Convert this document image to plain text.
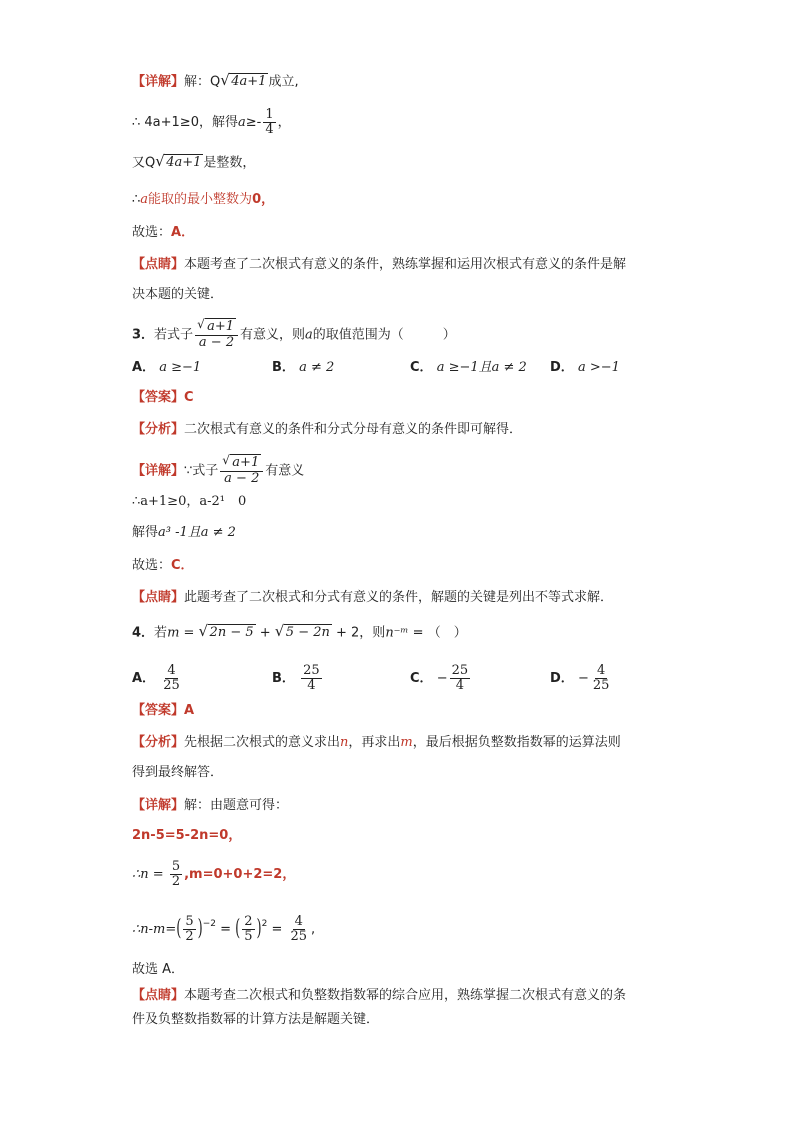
【详解】解：Q √ 4a+1 成立,
∴ 4a+1≥0，解得$a\ge- \frac{1}{4}$ ，
又Q √ 4a+1 是整数，
∴a能取的最小整数为0，
故选：A．
【点睛】本题考查了二次根式有意义的条件，熟练掌握和运用次根式有意义的条件是解
决本题的关键．
3．若式子 $\frac{√ a+1}{a - 2}$ 有意义，则a的取值范围为（　　　）
A． a ≥−1	B． a ≠ 2	C． a ≥−1且a ≠ 2 D． a >−1
【答案】C
【分析】二次根式有意义的条件和分式分母有意义的条件即可解得．
【详解】∵式子 $\frac{√ a+1}{a - 2}$ 有意义
∴a+1≥0，a-2¹　0
解得a³ -1且a ≠ 2
故选：C．
【点睛】此题考查了二次根式和分式有意义的条件，解题的关键是列出不等式求解．
4．若m = √ 2n − 5 + √ 5 − 2n + 2，则n⁻ᵐ = （　）
A． $\frac{4}{25}$	B． $\frac{25}{4}$	C． − $\frac{25}{4}$	D． − $\frac{4}{25}$
【答案】A
【分析】先根据二次根式的意义求出n，再求出m，最后根据负整数指数幂的运算法则
得到最终解答．
【详解】解：由题意可得：
2n-5=5-2n=0，
∴n = $\frac{5}{2} ,m=0+0+2=2$，
∴n-m=( $\frac{5}{2} )^{-2}$ = ( $\frac{2}{5} )^2 = \frac{4}{25}$ ,
故选 A．
【点睛】本题考查二次根式和负整数指数幂的综合应用，熟练掌握二次根式有意义的条
件及负整数指数幂的计算方法是解题关键．
